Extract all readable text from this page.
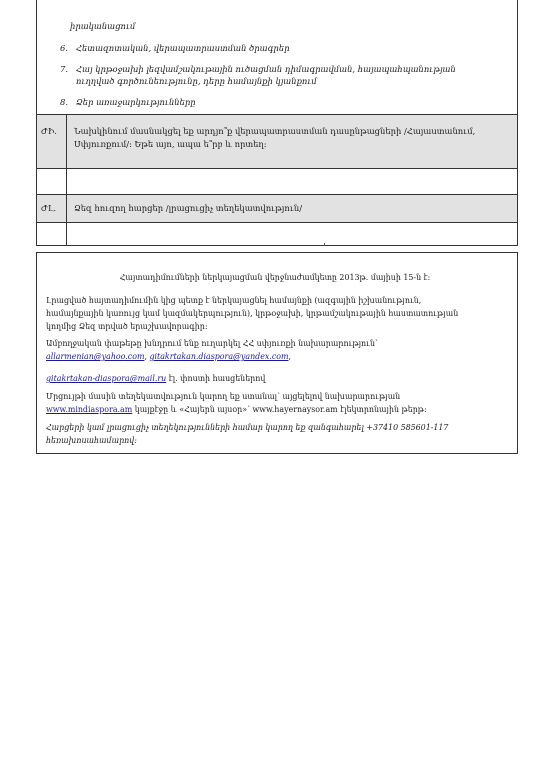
իրականացում
6. Հետազոտական, վերապատրաստման ծրագրեր
7. Հայ կրթօջախի լեզվամշակութային ուծացման դիմագրավման, հայապահպանության
ուղղված գործունեությունը, դերը համայնքի կյանքում
8. Ձեր առաջարկությունները
ԺԻ. Նախկինում մասնակցել եք արդյո՞ք վերապատրաստման դասընթացների /Հայաստանում,
Սփյուռքում/: Եթե այո, ապա ե՞րբ և որտեղ:
ԺԼ. Ձեզ հուզող հարցեր /լրացուցիչ տեղեկատվություն/
Հայտադիմումների ներկայացման վերջնաժամկետը 2013թ. մայիսի 15-ն է:
Լրացված հայտադիմումին կից պետք է ներկայացնել համայնքի (ազգային իշխանություն,
համայնքային կառույց կամ կազմակերպություն), կրթօջախի, կրթամշակութային հաստատության
կողմից Ձեզ տրված երաշխավորագիր:
Ամբողջական փաթեթը խնդրում ենք ուղարկել ՀՀ սփյուռքի նախարարություն՝
allarmenian@yahoo.com, gitakrtakan.diaspora@yandex.com,
gitakrtakan-diaspora@mail.ru էլ. փոստի հասցեներով
Մրցույթի մասին տեղեկատվություն կարող եք ստանալ՝ այցելելով նախարարության
www.mindiaspora.am կայքէջը և «Հայերն այսօր»՝ www.hayernaysor.am էլեկտրոնային թերթ:
Հարցերի կամ լրացուցիչ տեղեկությունների համար կարող եք զանգահարել +37410 585601-117
հեռախոսահամարով:
